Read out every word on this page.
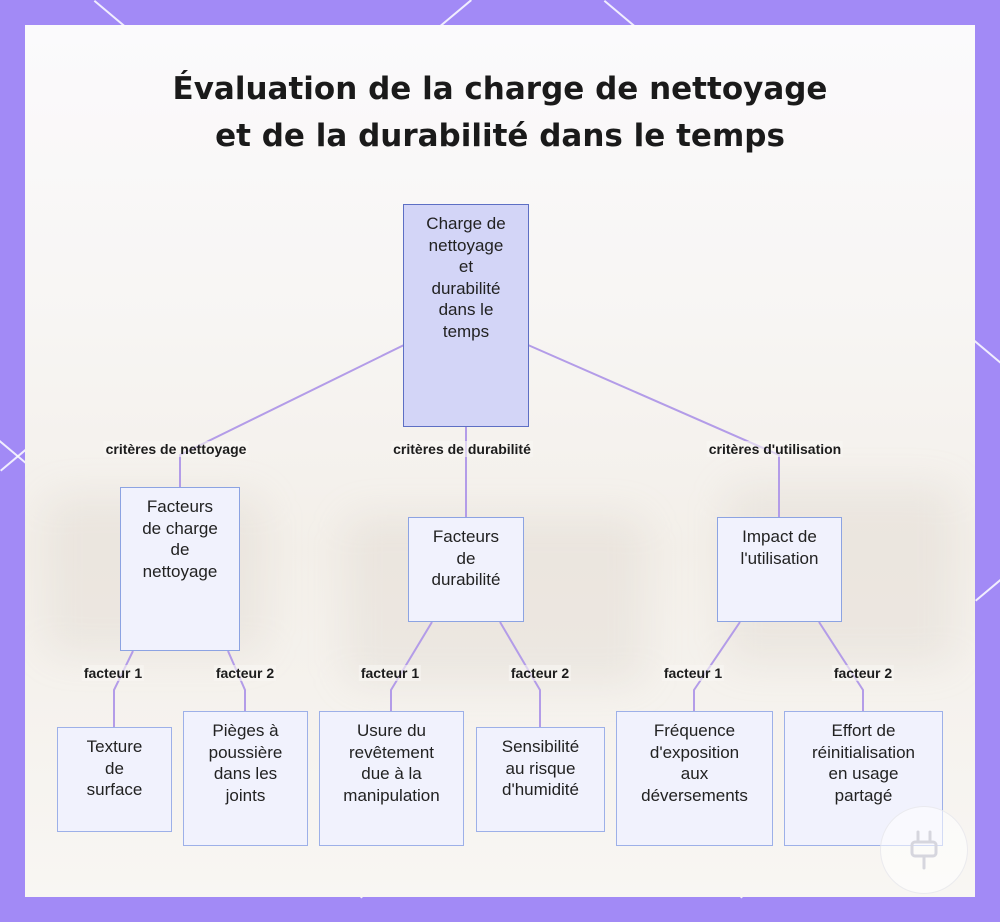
Évaluation de la charge de nettoyage
et de la durabilité dans le temps
critères de nettoyage	critères de durabilité	critères d'utilisation
facteur 1	facteur 2	facteur 1	facteur 2	facteur 1	facteur 2
Charge de
nettoyage
et
durabilité
dans le
temps
Facteurs
de charge
de
nettoyage
Facteurs
de
durabilité
Impact de
l'utilisation
Texture
de
surface
Pièges à
poussière
dans les
joints
Usure du
revêtement
due à la
manipulation
Sensibilité
au risque
d'humidité
Fréquence
d'exposition
aux
déversements
Effort de
réinitialisation
en usage
partagé
